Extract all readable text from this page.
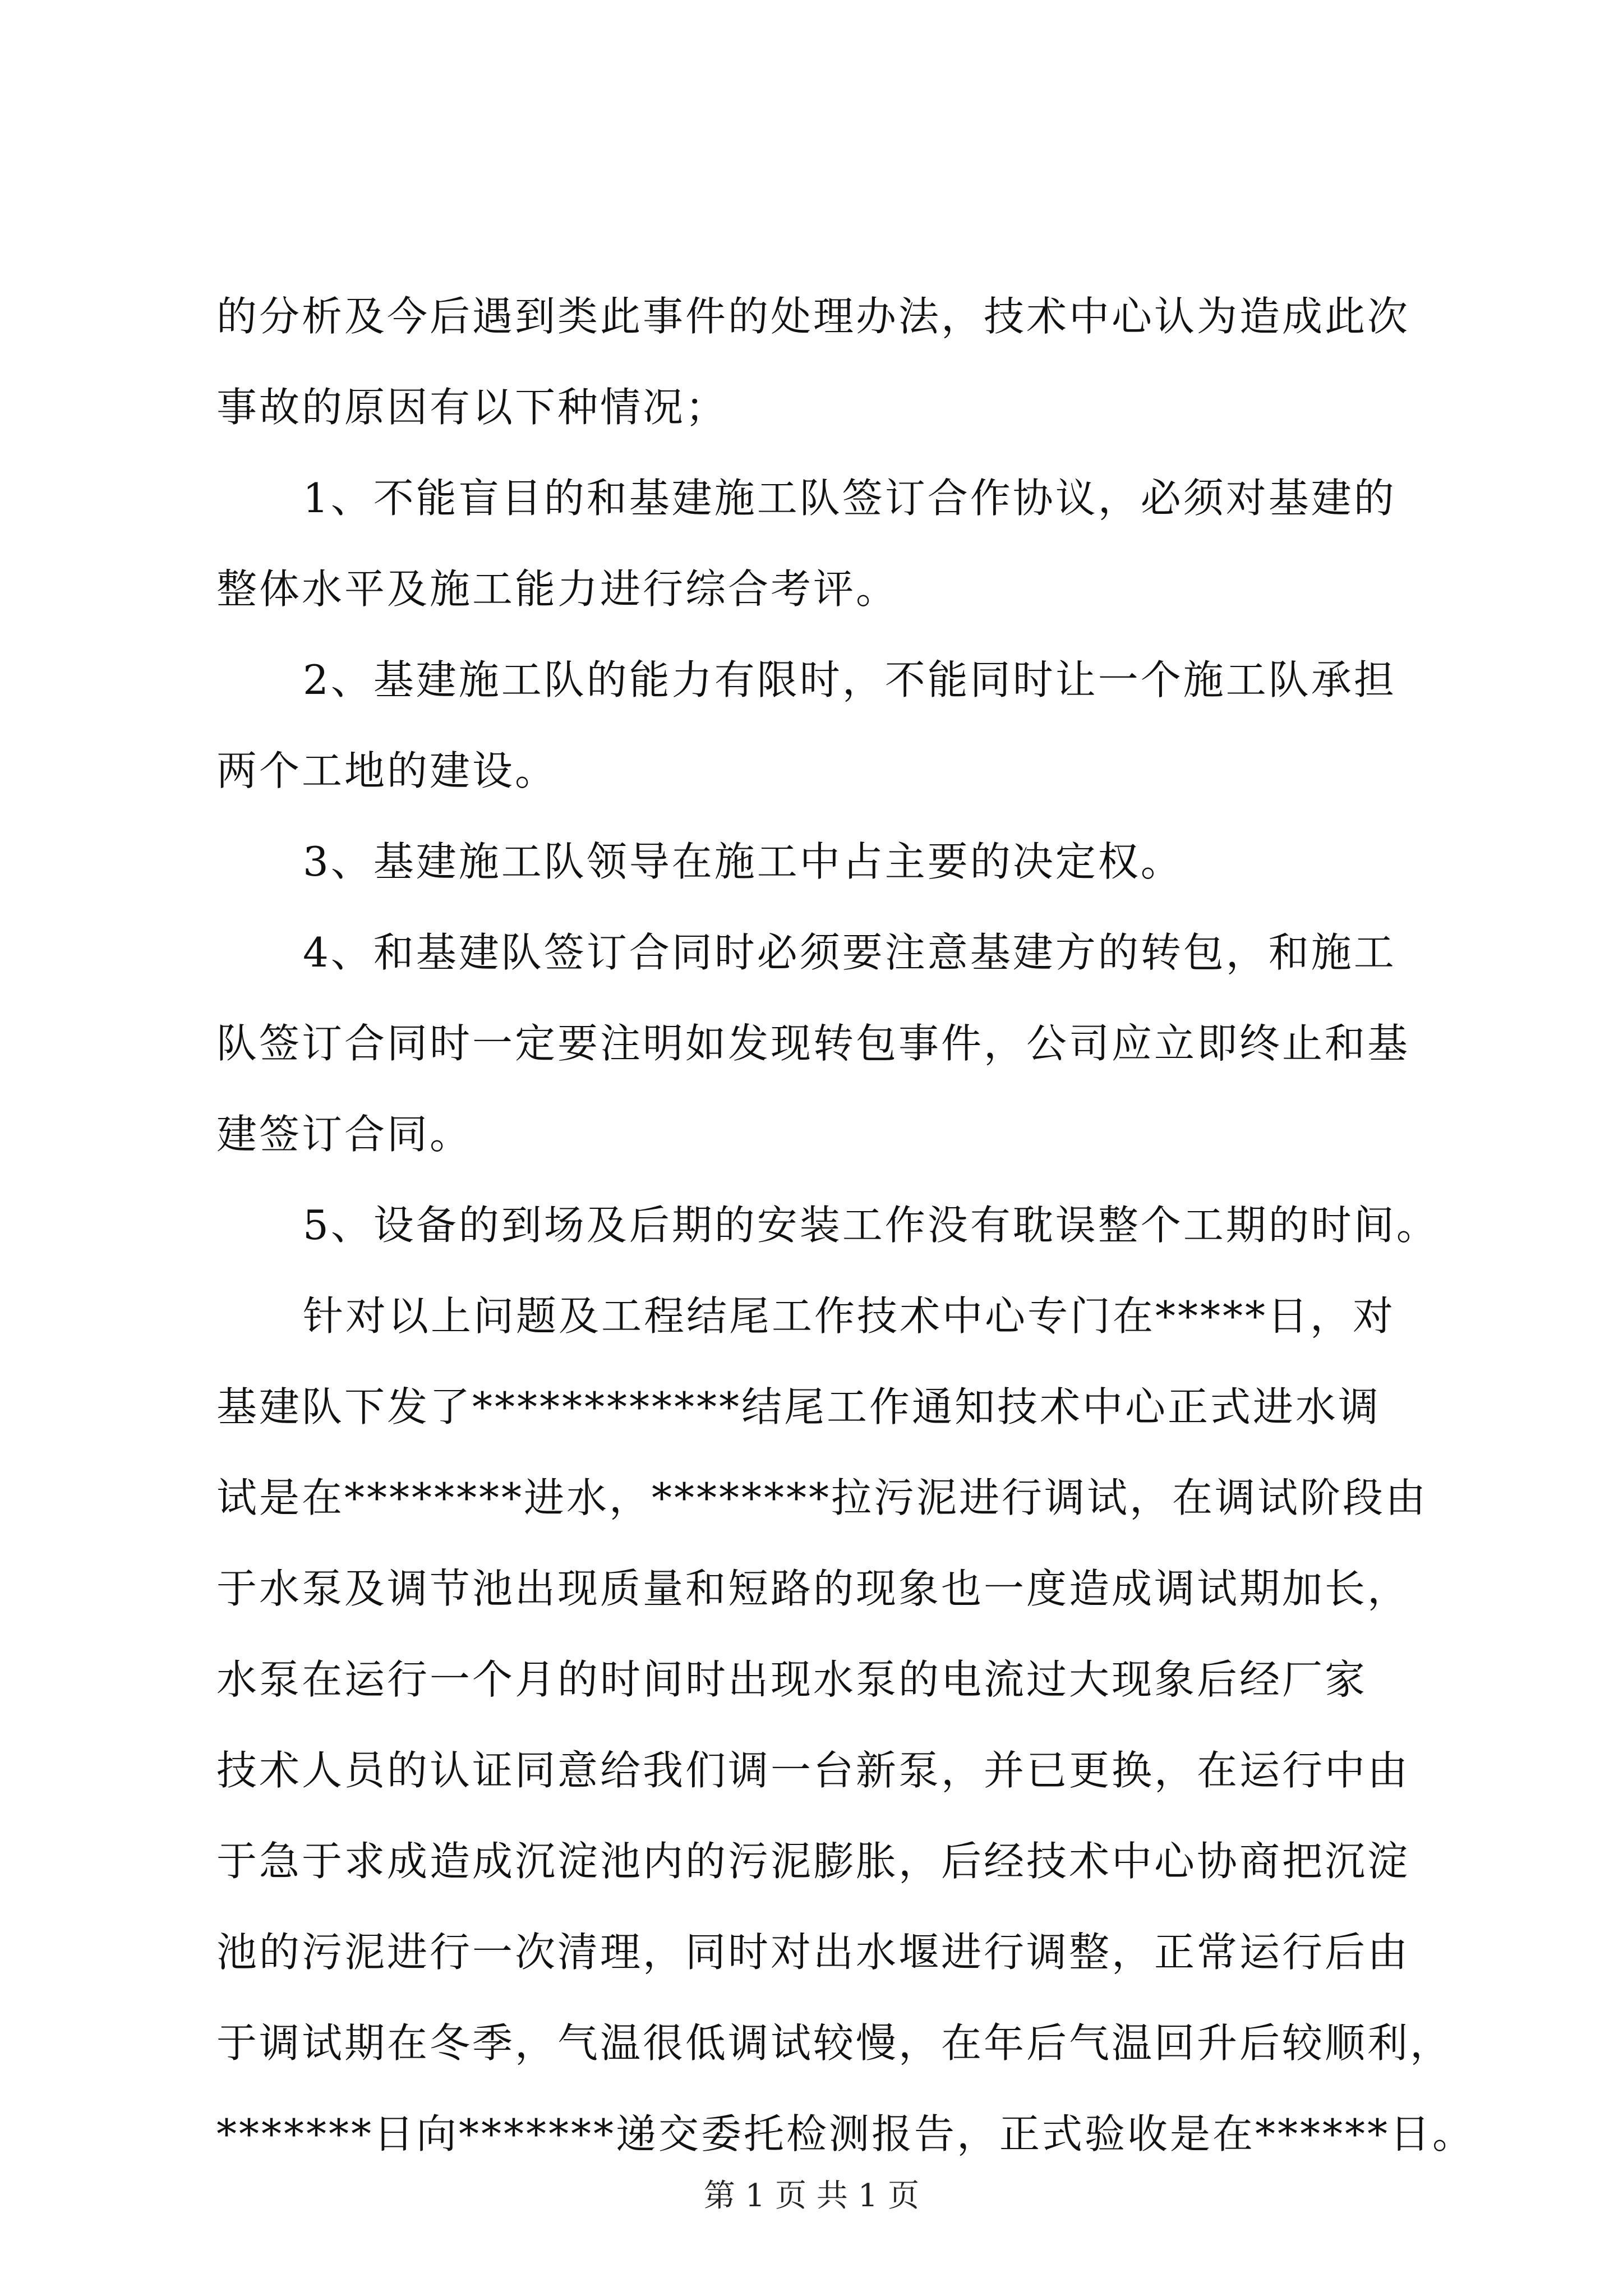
的分析及今后遇到类此事件的处理办法，技术中心认为造成此次
事故的原因有以下种情况；
1、不能盲目的和基建施工队签订合作协议，必须对基建的
整体水平及施工能力进行综合考评。
2、基建施工队的能力有限时，不能同时让一个施工队承担
两个工地的建设。
3、基建施工队领导在施工中占主要的决定权。
4、和基建队签订合同时必须要注意基建方的转包，和施工
队签订合同时一定要注明如发现转包事件，公司应立即终止和基
建签订合同。
5、设备的到场及后期的安装工作没有耽误整个工期的时间。
针对以上问题及工程结尾工作技术中心专门在*****日，对
基建队下发了************结尾工作通知技术中心正式进水调
试是在********进水，********拉污泥进行调试，在调试阶段由
于水泵及调节池出现质量和短路的现象也一度造成调试期加长，
水泵在运行一个月的时间时出现水泵的电流过大现象后经厂家
技术人员的认证同意给我们调一台新泵，并已更换，在运行中由
于急于求成造成沉淀池内的污泥膨胀，后经技术中心协商把沉淀
池的污泥进行一次清理，同时对出水堰进行调整，正常运行后由
于调试期在冬季，气温很低调试较慢，在年后气温回升后较顺利，
*******日向*******递交委托检测报告，正式验收是在******日。
第 1 页 共 1 页
